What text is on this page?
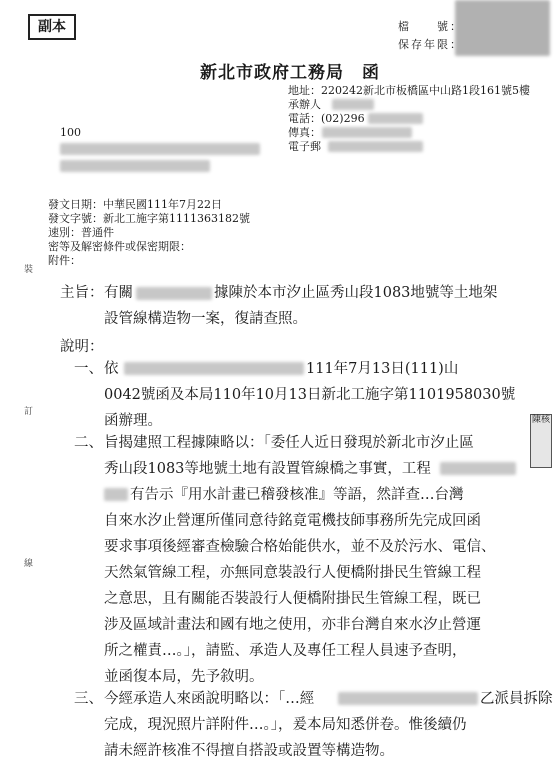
副本	檔　　號：
保存年限：
新北市政府工務局　函
地址：220242新北市板橋區中山路1段161號5樓
承辦人
電話：(02)296
傳真：
電子郵
100
發文日期：中華民國111年7月22日
發文字號：新北工施字第1111363182號
速別：普通件
密等及解密條件或保密期限：
附件：
裝
訂
線
主旨： 有關	據陳於本市汐止區秀山段1083地號等土地架
設管線構造物一案，復請查照。
說明：
一、 依	111年7月13日(111)山
0042號函及本局110年10月13日新北工施字第1101958030號
函辦理。
二、 旨揭建照工程據陳略以：「委任人近日發現於新北市汐止區
秀山段1083等地號土地有設置管線橋之事實，工程
有告示『用水計畫已稽發核准』等語，然詳查…台灣
自來水汐止營運所僅同意待銘竟電機技師事務所先完成回函
要求事項後經審查檢驗合格始能供水，並不及於污水、電信、
天然氣管線工程，亦無同意裝設行人便橋附掛民生管線工程
之意思，且有關能否裝設行人便橋附掛民生管線工程，既已
涉及區域計畫法和國有地之使用，亦非台灣自來水汐止營運
所之權責…。」，請監、承造人及專任工程人員速予查明，
並函復本局，先予敘明。
三、 今經承造人來函說明略以：「…經	乙派員拆除
完成，現況照片詳附件…。」，爰本局知悉併卷。惟後續仍
請未經許核准不得擅自搭設或設置等構造物。
陳核
